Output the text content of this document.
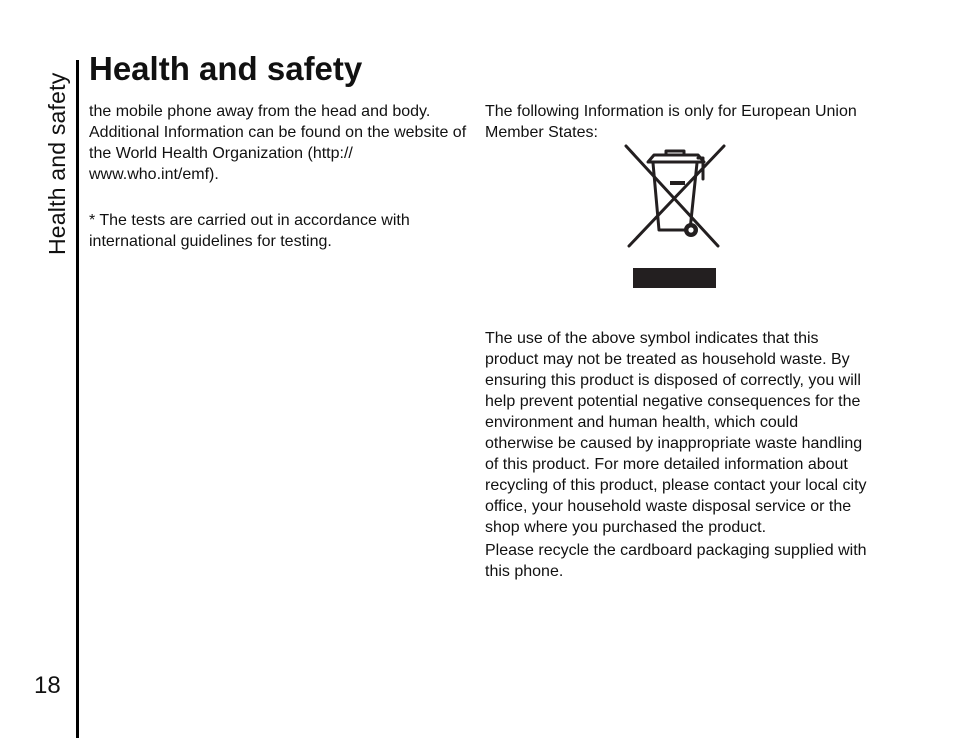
Health and safety
18
Health and safety

the mobile phone away from the head and body. Additional Information can be found on the website of the World Health Organization (http:// www.who.int/emf).

* The tests are carried out in accordance with international guidelines for testing.

The following Information is only for European Union Member States:

The use of the above symbol indicates that this product may not be treated as household waste. By ensuring this product is disposed of correctly, you will help prevent potential negative consequences for the environment and human health, which could otherwise be caused by inappropriate waste handling of this product. For more detailed information about recycling of this product, please contact your local city office, your household waste disposal service or the shop where you purchased the product.

Please recycle the cardboard packaging supplied with this phone.
